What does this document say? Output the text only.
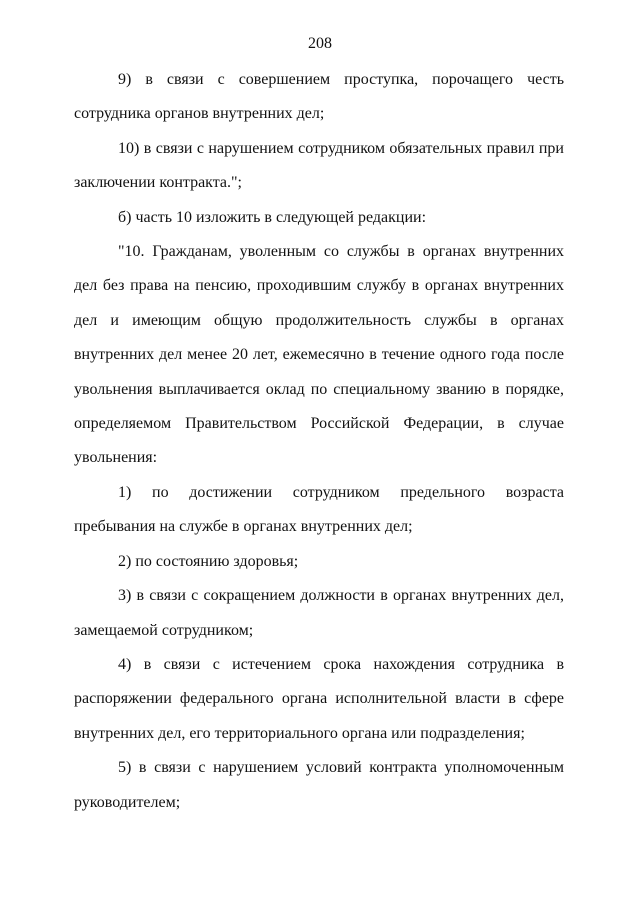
208

9) в связи с совершением проступка, порочащего честь сотрудника органов внутренних дел;

10) в связи с нарушением сотрудником обязательных правил при заключении контракта.";

б) часть 10 изложить в следующей редакции:

"10. Гражданам, уволенным со службы в органах внутренних дел без права на пенсию, проходившим службу в органах внутренних дел и имеющим общую продолжительность службы в органах внутренних дел менее 20 лет, ежемесячно в течение одного года после увольнения выплачивается оклад по специальному званию в порядке, определяемом Правительством Российской Федерации, в случае увольнения:

1) по достижении сотрудником предельного возраста пребывания на службе в органах внутренних дел;

2) по состоянию здоровья;

3) в связи с сокращением должности в органах внутренних дел, замещаемой сотрудником;

4) в связи с истечением срока нахождения сотрудника в распоряжении федерального органа исполнительной власти в сфере внутренних дел, его территориального органа или подразделения;

5) в связи с нарушением условий контракта уполномоченным руководителем;
